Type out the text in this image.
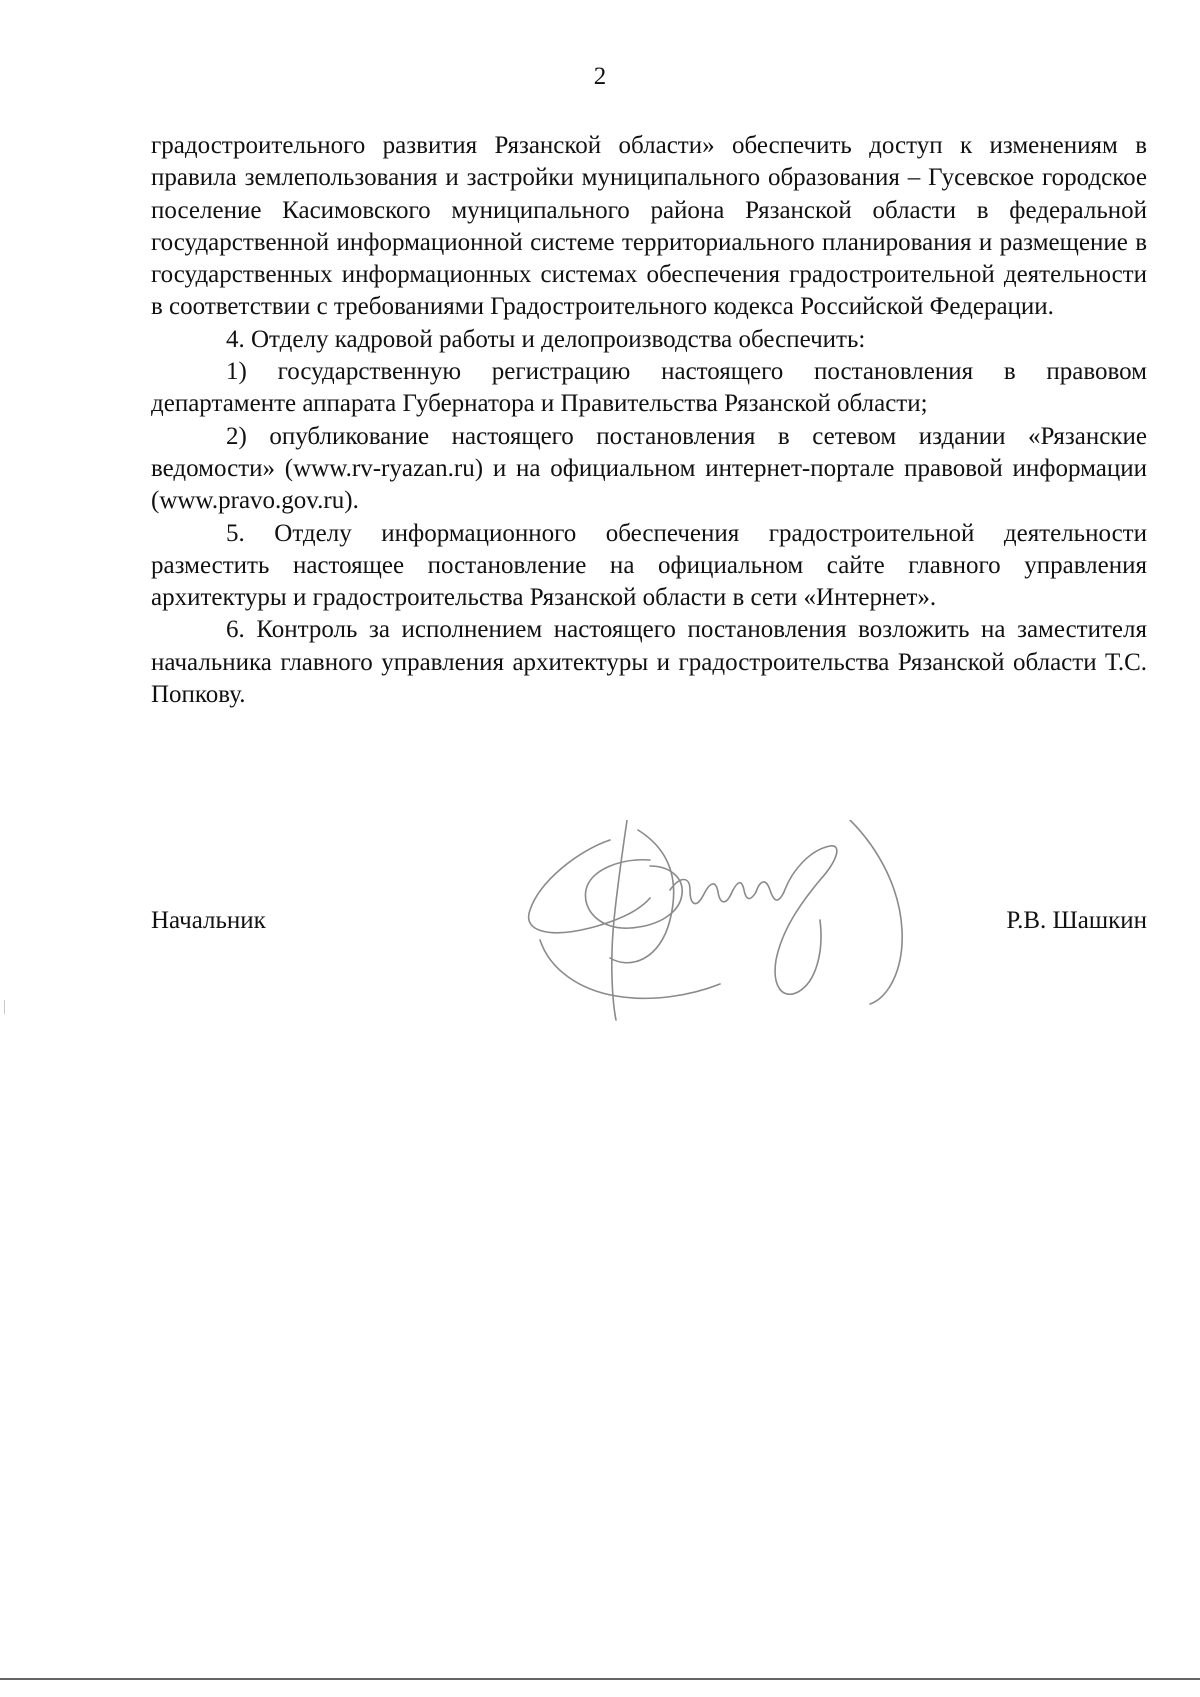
2

градостроительного развития Рязанской области» обеспечить доступ к изменениям в правила землепользования и застройки муниципального образования – Гусевское городское поселение Касимовского муниципального района Рязанской области в федеральной государственной информационной системе территориального планирования и размещение в государственных информационных системах обеспечения градостроительной деятельности в соответствии с требованиями Градостроительного кодекса Российской Федерации.

4. Отделу кадровой работы и делопроизводства обеспечить:

1) государственную регистрацию настоящего постановления в правовом департаменте аппарата Губернатора и Правительства Рязанской области;

2) опубликование настоящего постановления в сетевом издании «Рязанские ведомости» (www.rv-ryazan.ru) и на официальном интернет-портале правовой информации (www.pravo.gov.ru).

5. Отделу информационного обеспечения градостроительной деятельности разместить настоящее постановление на официальном сайте главного управления архитектуры и градостроительства Рязанской области в сети «Интернет».

6. Контроль за исполнением настоящего постановления возложить на заместителя начальника главного управления архитектуры и градостроительства Рязанской области Т.С. Попкову.

Начальник	Р.В. Шашкин
